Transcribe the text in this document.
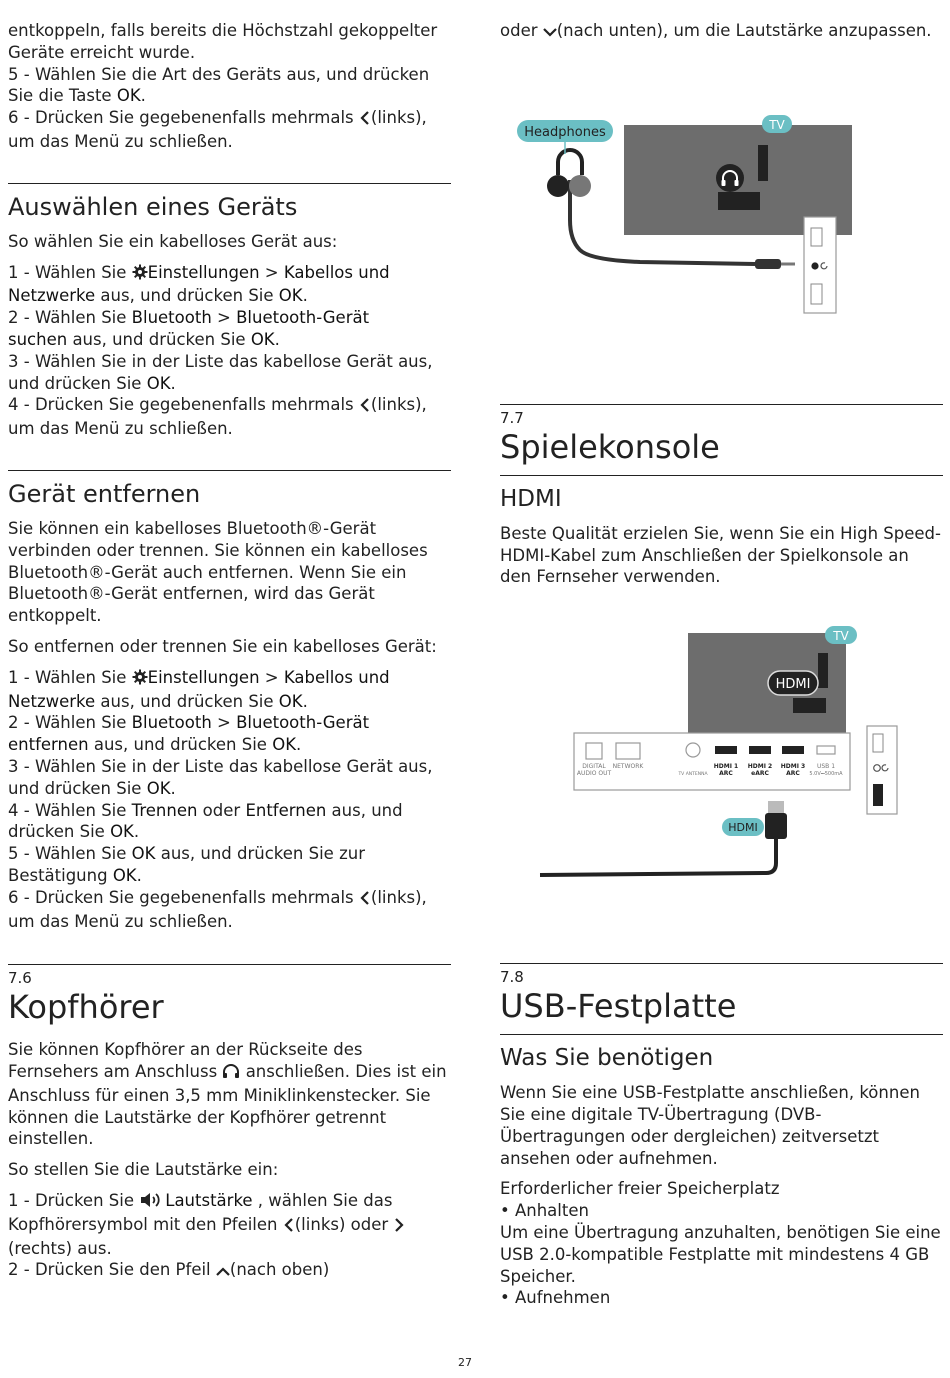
entkoppeln, falls bereits die Höchstzahl gekoppelter
Geräte erreicht wurde.
5 - Wählen Sie die Art des Geräts aus, und drücken
Sie die Taste OK.
6 - Drücken Sie gegebenenfalls mehrmals (links),
um das Menü zu schließen.
Auswählen eines Geräts

So wählen Sie ein kabelloses Gerät aus:

1 - Wählen Sie Einstellungen > Kabellos und
Netzwerke aus, und drücken Sie OK.
2 - Wählen Sie Bluetooth > Bluetooth-Gerät
suchen aus, und drücken Sie OK.
3 - Wählen Sie in der Liste das kabellose Gerät aus,
und drücken Sie OK.
4 - Drücken Sie gegebenenfalls mehrmals (links),
um das Menü zu schließen.
Gerät entfernen
Sie können ein kabelloses Bluetooth®-Gerät
verbinden oder trennen. Sie können ein kabelloses
Bluetooth®-Gerät auch entfernen. Wenn Sie ein
Bluetooth®-Gerät entfernen, wird das Gerät
entkoppelt.

So entfernen oder trennen Sie ein kabelloses Gerät:

1 - Wählen Sie Einstellungen > Kabellos und
Netzwerke aus, und drücken Sie OK.
2 - Wählen Sie Bluetooth > Bluetooth-Gerät
entfernen aus, und drücken Sie OK.
3 - Wählen Sie in der Liste das kabellose Gerät aus,
und drücken Sie OK.
4 - Wählen Sie Trennen oder Entfernen aus, und
drücken Sie OK.
5 - Wählen Sie OK aus, und drücken Sie zur
Bestätigung OK.
6 - Drücken Sie gegebenenfalls mehrmals (links),
um das Menü zu schließen.
7.6
Kopfhörer
Sie können Kopfhörer an der Rückseite des
Fernsehers am Anschluss  anschließen. Dies ist ein
Anschluss für einen 3,5 mm Miniklinkenstecker. Sie
können die Lautstärke der Kopfhörer getrennt
einstellen.

So stellen Sie die Lautstärke ein:

1 - Drücken Sie Lautstärke , wählen Sie das
Kopfhörersymbol mit den Pfeilen (links) oder
(rechts) aus.
2 - Drücken Sie den Pfeil (nach oben)
oder (nach unten), um die Lautstärke anzupassen.
Headphones	TV
7.7
Spielekonsole
HDMI
Beste Qualität erzielen Sie, wenn Sie ein High Speed-
HDMI-Kabel zum Anschließen der Spielkonsole an
den Fernseher verwenden.
HDMI
TV
DIGITAL
AUDIO OUT
NETWORK
TV ANTENNA
HDMI 1
ARC
HDMI 2
eARC
HDMI 3
ARC
USB 1
5.0V⎓500mA
HDMI
7.8
USB-Festplatte
Was Sie benötigen
Wenn Sie eine USB-Festplatte anschließen, können
Sie eine digitale TV-Übertragung (DVB-
Übertragungen oder dergleichen) zeitversetzt
ansehen oder aufnehmen.
Erforderlicher freier Speicherplatz
• Anhalten
Um eine Übertragung anzuhalten, benötigen Sie eine
USB 2.0-kompatible Festplatte mit mindestens 4 GB
Speicher.
• Aufnehmen
27
